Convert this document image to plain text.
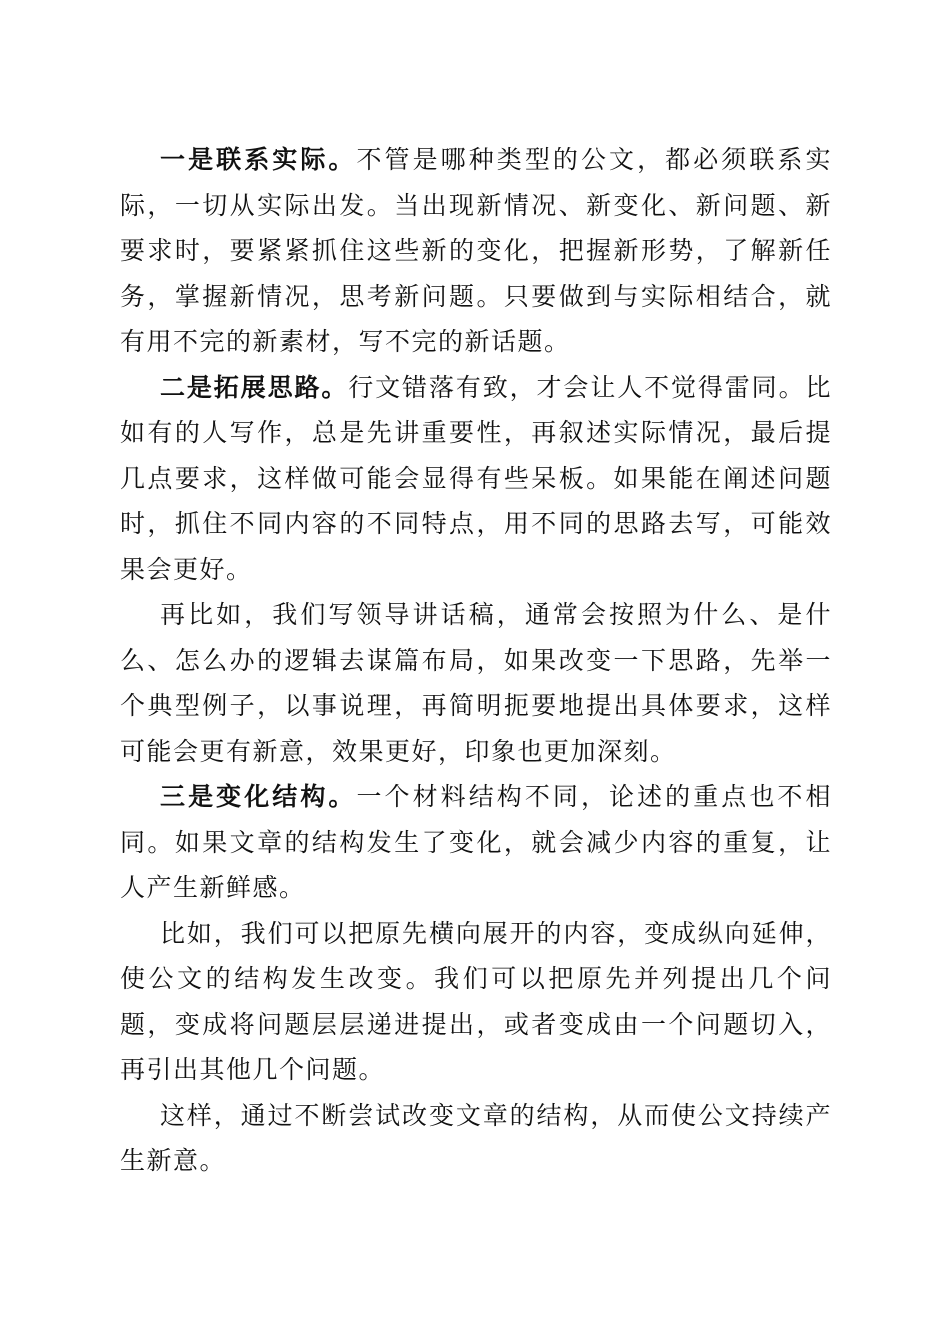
一是联系实际。不管是哪种类型的公文，都必须联系实际，一切从实际出发。当出现新情况、新变化、新问题、新要求时，要紧紧抓住这些新的变化，把握新形势，了解新任务，掌握新情况，思考新问题。只要做到与实际相结合，就有用不完的新素材，写不完的新话题。

二是拓展思路。行文错落有致，才会让人不觉得雷同。比如有的人写作，总是先讲重要性，再叙述实际情况，最后提几点要求，这样做可能会显得有些呆板。如果能在阐述问题时，抓住不同内容的不同特点，用不同的思路去写，可能效果会更好。

再比如，我们写领导讲话稿，通常会按照为什么、是什么、怎么办的逻辑去谋篇布局，如果改变一下思路，先举一个典型例子，以事说理，再简明扼要地提出具体要求，这样可能会更有新意，效果更好，印象也更加深刻。

三是变化结构。一个材料结构不同，论述的重点也不相同。如果文章的结构发生了变化，就会减少内容的重复，让人产生新鲜感。

比如，我们可以把原先横向展开的内容，变成纵向延伸，使公文的结构发生改变。我们可以把原先并列提出几个问题，变成将问题层层递进提出，或者变成由一个问题切入，再引出其他几个问题。

这样，通过不断尝试改变文章的结构，从而使公文持续产生新意。
